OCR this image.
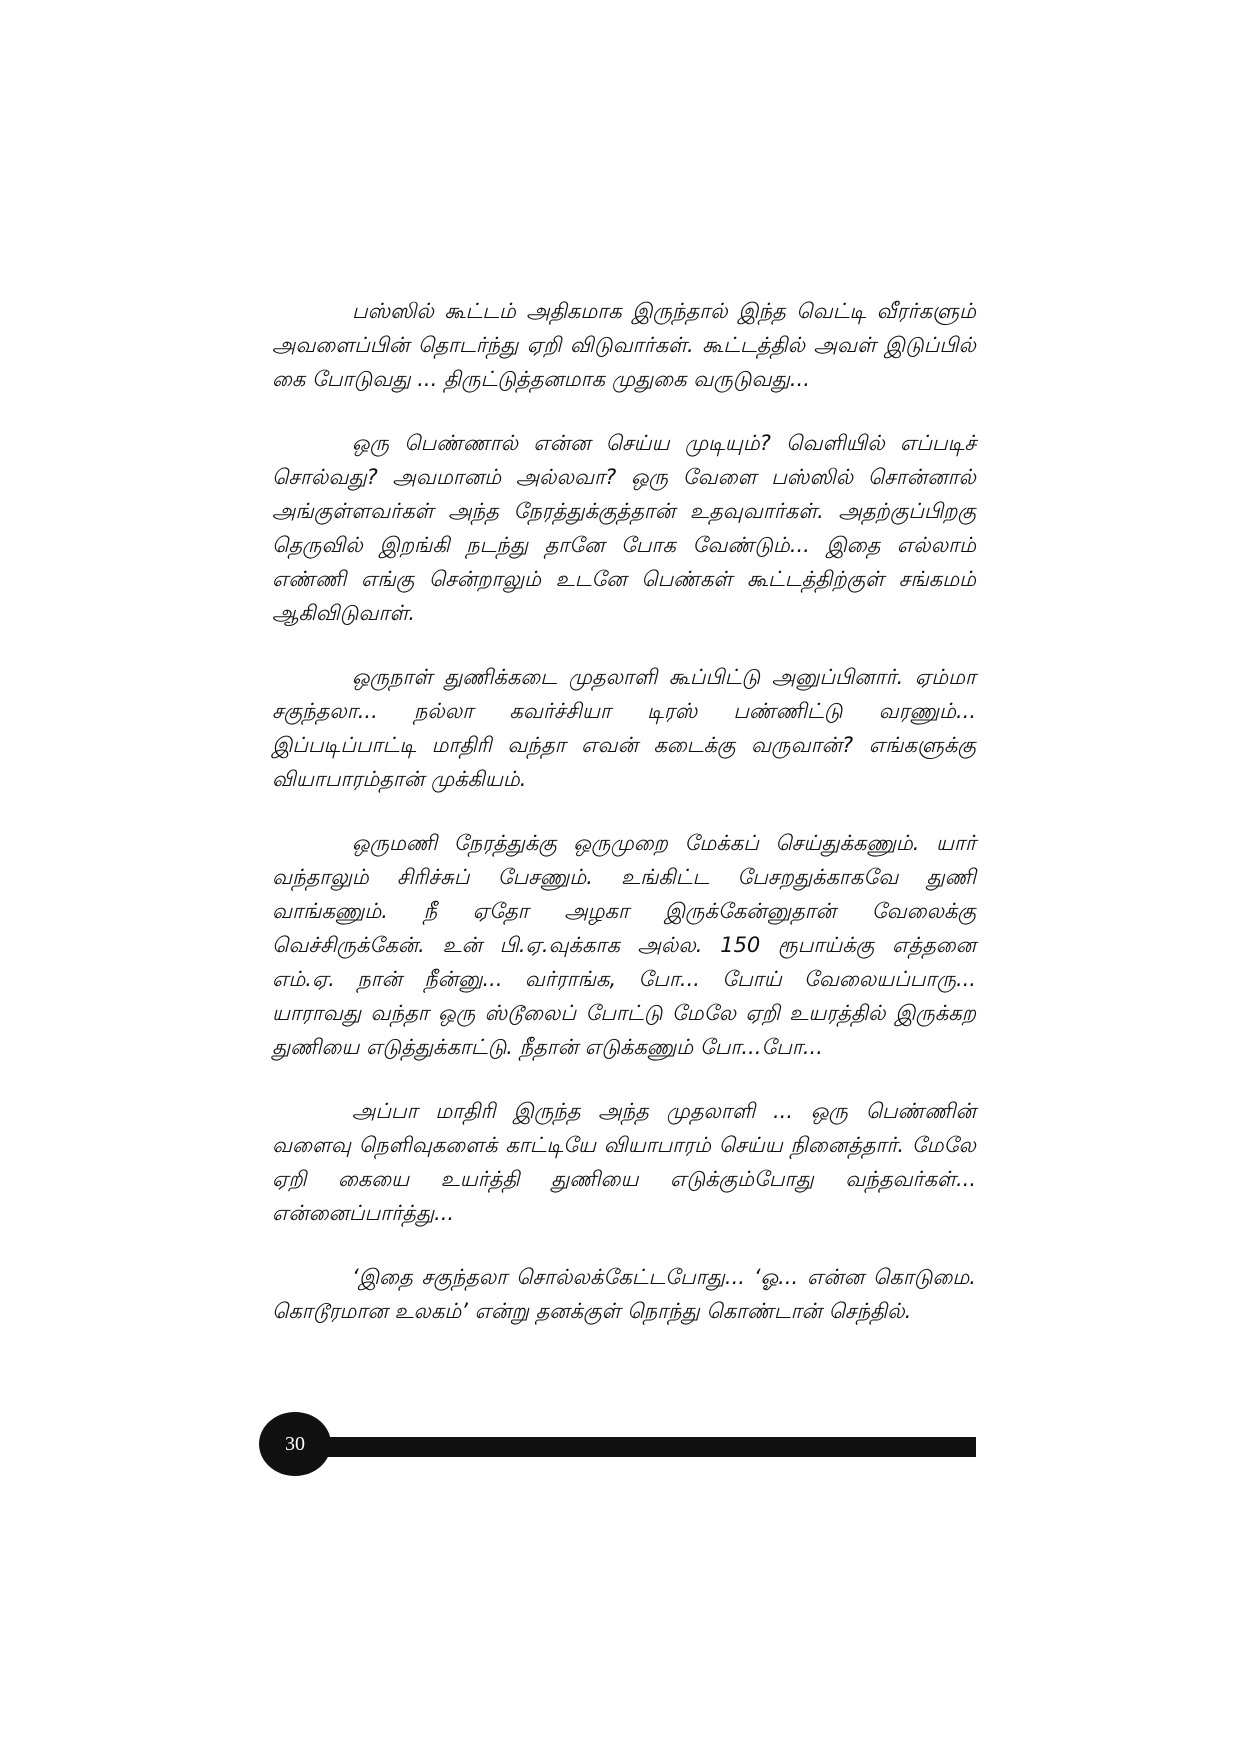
பஸ்ஸில் கூட்டம் அதிகமாக இருந்தால் இந்த வெட்டி வீரர்களும் அவளைப்பின் தொடர்ந்து ஏறி விடுவார்கள். கூட்டத்தில் அவள் இடுப்பில் கை போடுவது ... திருட்டுத்தனமாக முதுகை வருடுவது...

ஒரு பெண்ணால் என்ன செய்ய முடியும்? வெளியில் எப்படிச் சொல்வது? அவமானம் அல்லவா? ஒரு வேளை பஸ்ஸில் சொன்னால் அங்குள்ளவர்கள் அந்த நேரத்துக்குத்தான் உதவுவார்கள். அதற்குப்பிறகு தெருவில் இறங்கி நடந்து தானே போக வேண்டும்... இதை எல்லாம் எண்ணி எங்கு சென்றாலும் உடனே பெண்கள் கூட்டத்திற்குள் சங்கமம் ஆகிவிடுவாள்.

ஒருநாள் துணிக்கடை முதலாளி கூப்பிட்டு அனுப்பினார். ஏம்மா சகுந்தலா... நல்லா கவர்ச்சியா டிரஸ் பண்ணிட்டு வரணும்... இப்படிப்பாட்டி மாதிரி வந்தா எவன் கடைக்கு வருவான்? எங்களுக்கு வியாபாரம்தான் முக்கியம்.

ஒருமணி நேரத்துக்கு ஒருமுறை மேக்கப் செய்துக்கணும். யார் வந்தாலும் சிரிச்சுப் பேசணும். உங்கிட்ட பேசறதுக்காகவே துணி வாங்கணும். நீ ஏதோ அழகா இருக்கேன்னுதான் வேலைக்கு வெச்சிருக்கேன். உன் பி.ஏ.வுக்காக அல்ல. 150 ரூபாய்க்கு எத்தனை எம்.ஏ. நான் நீன்னு... வர்ராங்க, போ... போய் வேலையப்பாரு... யாராவது வந்தா ஒரு ஸ்டூலைப் போட்டு மேலே ஏறி உயரத்தில் இருக்கற துணியை எடுத்துக்காட்டு. நீதான் எடுக்கணும் போ...போ...

அப்பா மாதிரி இருந்த அந்த முதலாளி ... ஒரு பெண்ணின் வளைவு நெளிவுகளைக் காட்டியே வியாபாரம் செய்ய நினைத்தார். மேலே ஏறி கையை உயர்த்தி துணியை எடுக்கும்போது வந்தவர்கள்... என்னைப்பார்த்து...

‘இதை சகுந்தலா சொல்லக்கேட்டபோது... ‘ஓ... என்ன கொடுமை. கொடூரமான உலகம்’ என்று தனக்குள் நொந்து கொண்டான் செந்தில்.

30
